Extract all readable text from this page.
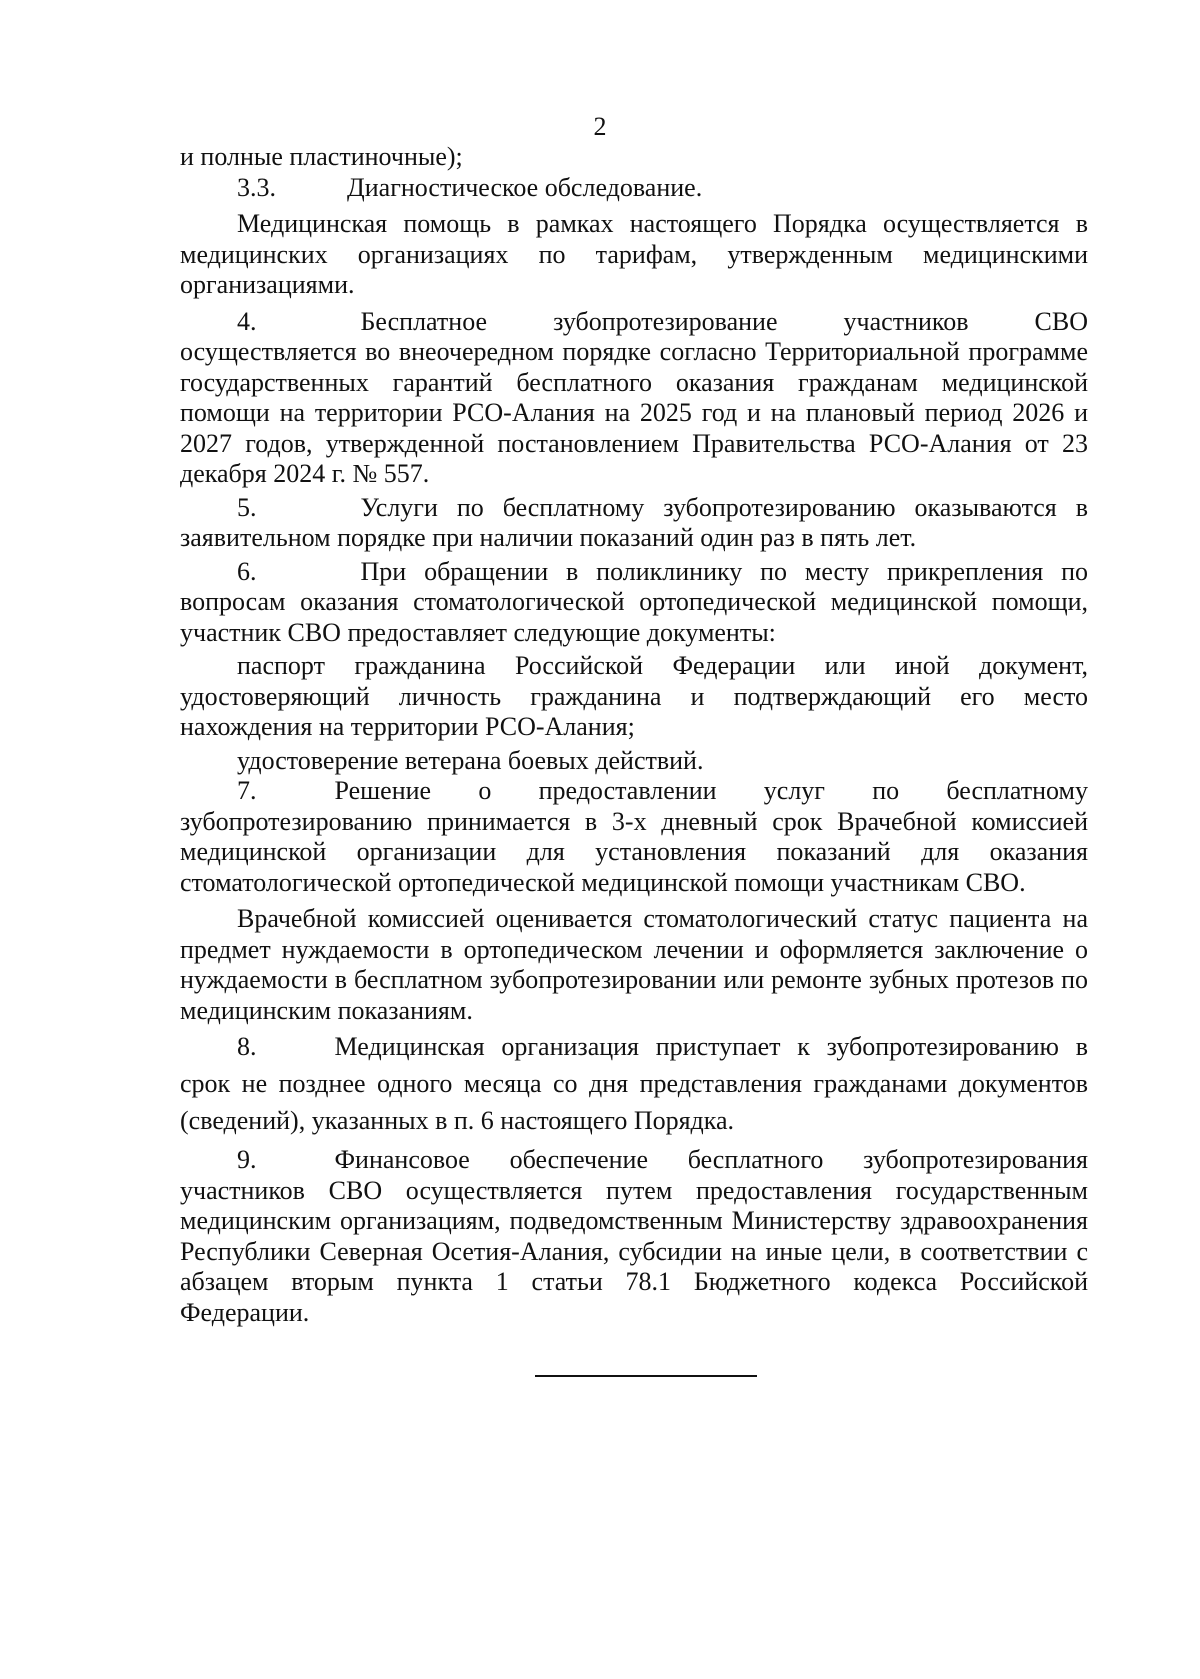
2

и полные пластиночные);

3.3.	Диагностическое обследование.

Медицинская помощь в рамках настоящего Порядка осуществляется в медицинских организациях по тарифам, утвержденным медицинскими организациями.

4.    Бесплатное зубопротезирование участников СВО осуществляется во внеочередном порядке согласно Территориальной программе государственных гарантий бесплатного оказания гражданам медицинской помощи на территории РСО-Алания на 2025 год и на плановый период 2026 и 2027 годов, утвержденной постановлением Правительства РСО-Алания от 23 декабря 2024 г. № 557.

5.    Услуги по бесплатному зубопротезированию оказываются в заявительном порядке при наличии показаний один раз в пять лет.

6.    При обращении в поликлинику по месту прикрепления по вопросам оказания стоматологической ортопедической медицинской помощи, участник СВО предоставляет следующие документы:

паспорт гражданина Российской Федерации или иной документ, удостоверяющий личность гражданина и подтверждающий его место нахождения на территории РСО-Алания;

удостоверение ветерана боевых действий.

7.   Решение о предоставлении услуг по бесплатному зубопротезированию принимается в 3-х дневный срок Врачебной комиссией медицинской организации для установления показаний для оказания стоматологической ортопедической медицинской помощи участникам СВО.

Врачебной комиссией оценивается стоматологический статус пациента на предмет нуждаемости в ортопедическом лечении и оформляется заключение о нуждаемости в бесплатном зубопротезировании или ремонте зубных протезов по медицинским показаниям.

8.   Медицинская организация приступает к зубопротезированию в срок не позднее одного месяца со дня представления гражданами документов (сведений), указанных в п. 6 настоящего Порядка.

9.   Финансовое обеспечение бесплатного зубопротезирования участников СВО осуществляется путем предоставления государственным медицинским организациям, подведомственным Министерству здравоохранения Республики Северная Осетия-Алания, субсидии на иные цели, в соответствии с абзацем вторым пункта 1 статьи 78.1 Бюджетного кодекса Российской Федерации.
